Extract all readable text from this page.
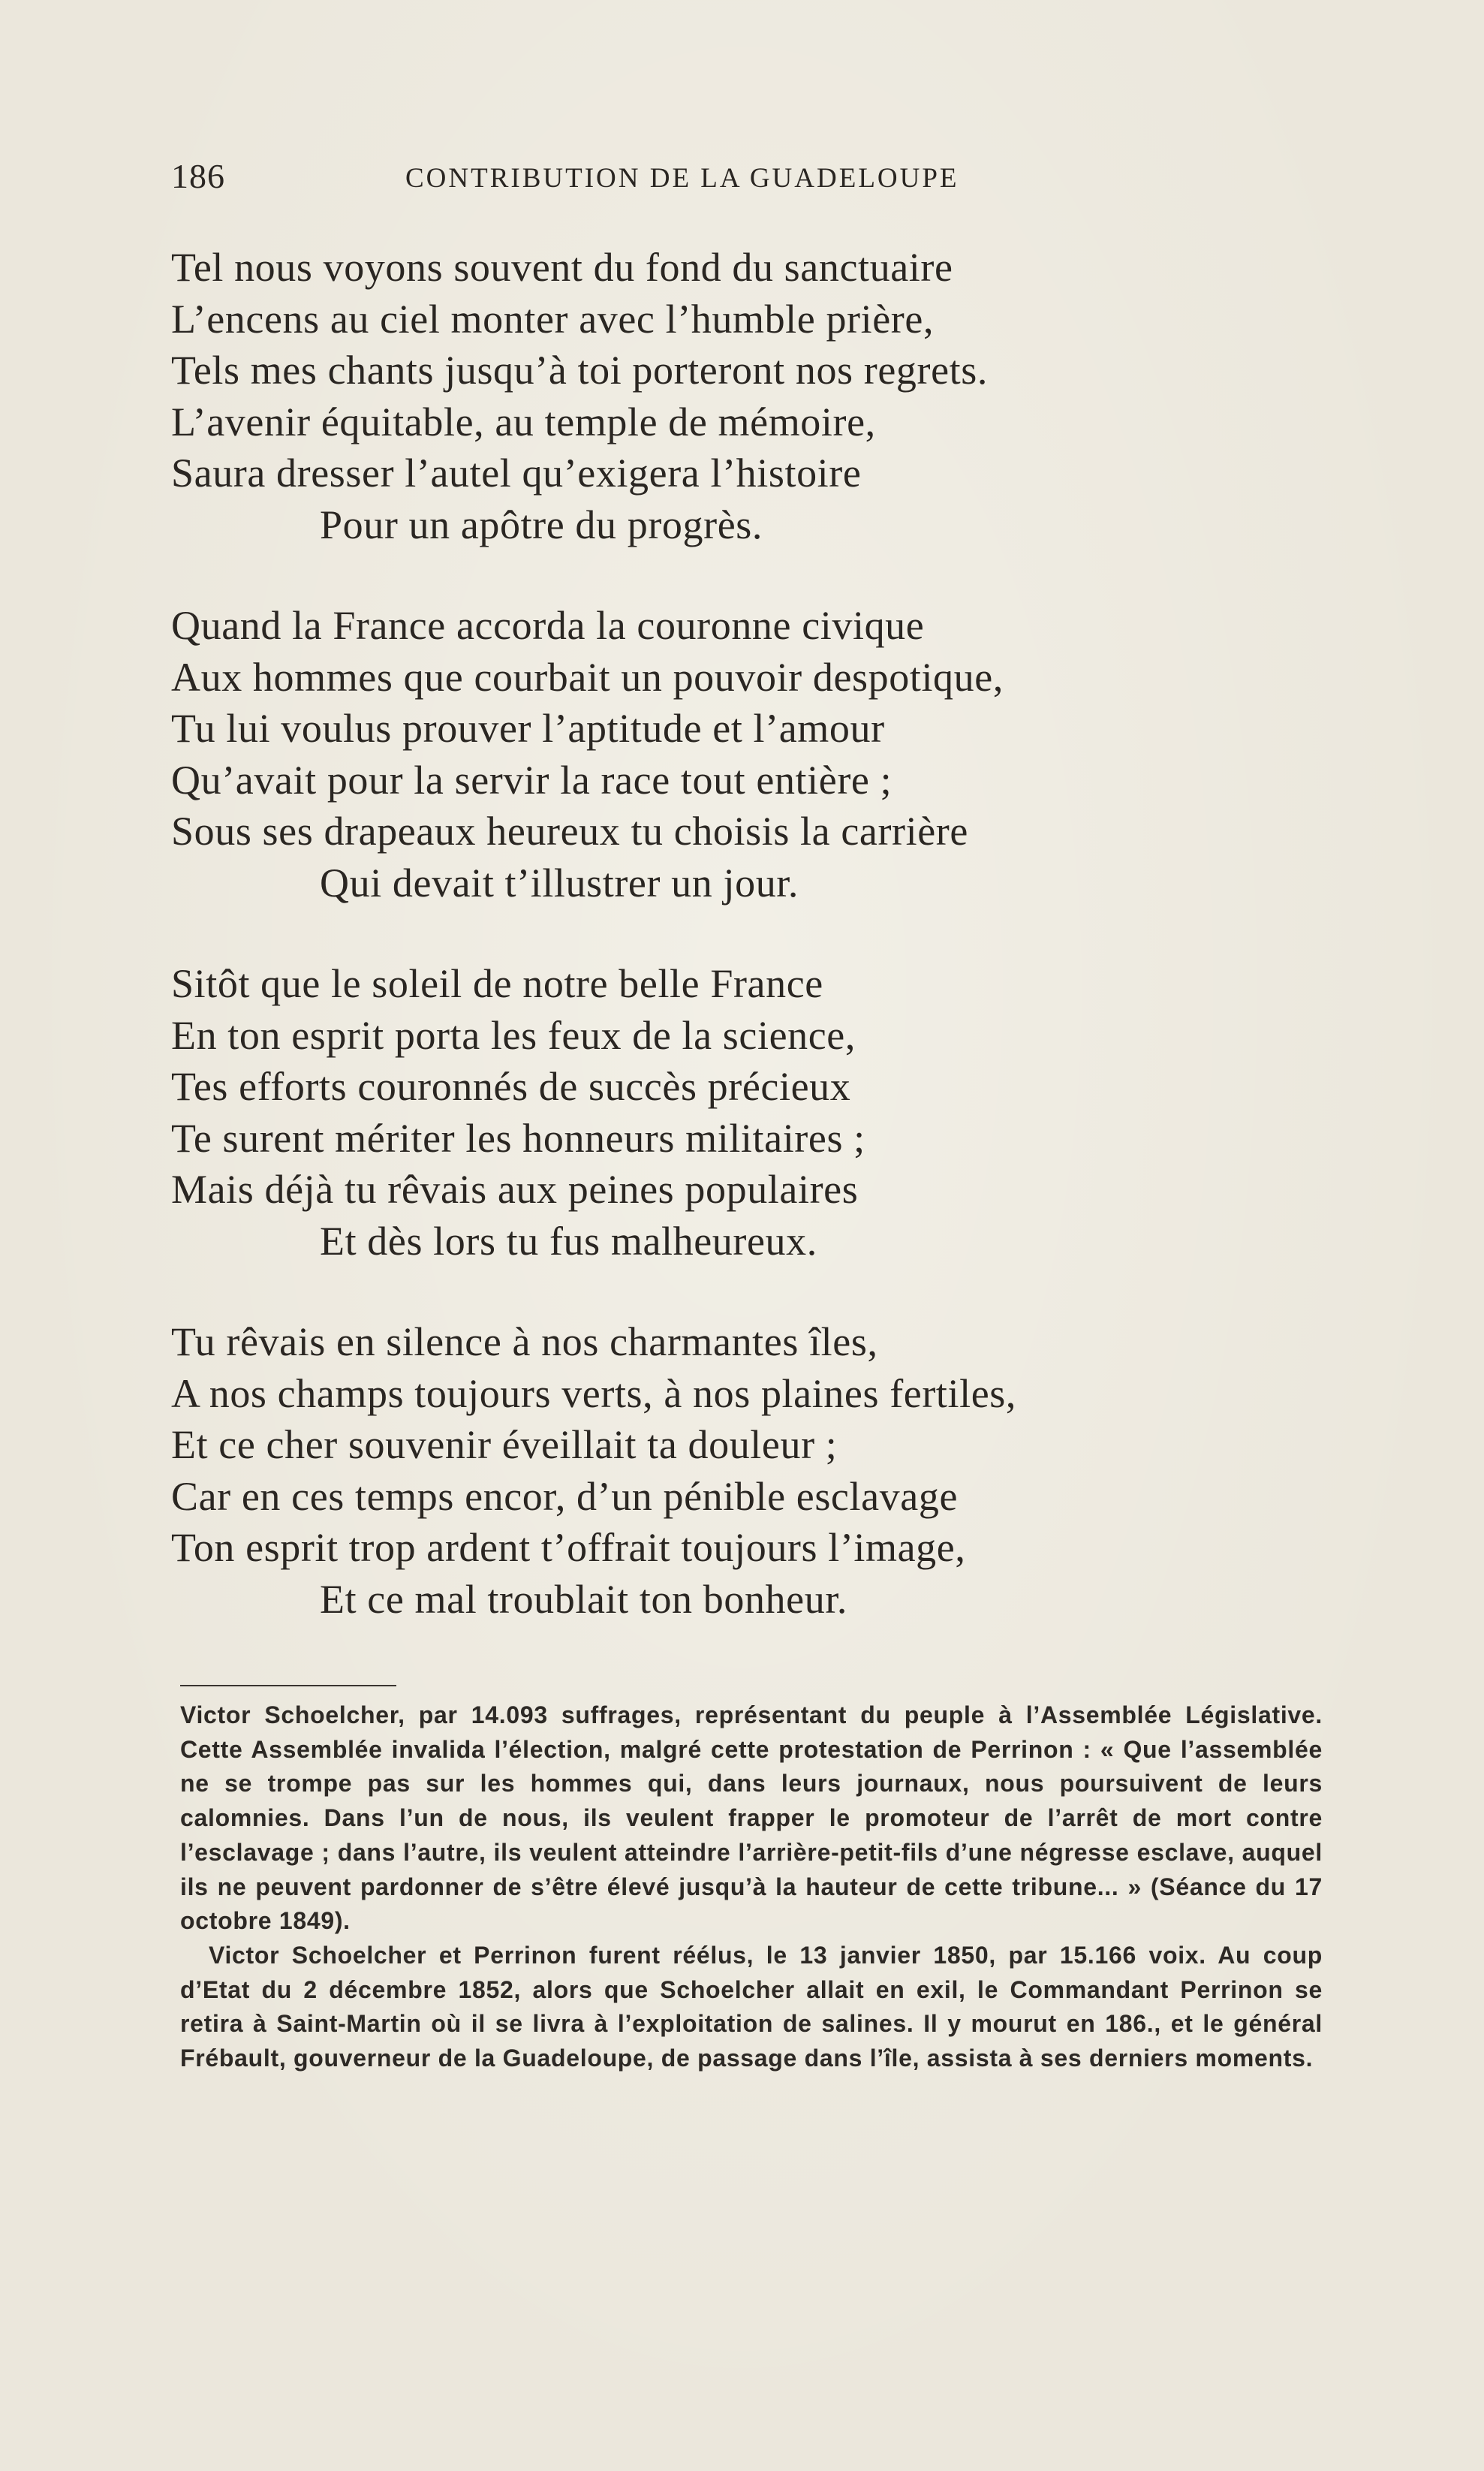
186	CONTRIBUTION DE LA GUADELOUPE
Tel nous voyons souvent du fond du sanctuaire
L’encens au ciel monter avec l’humble prière,
Tels mes chants jusqu’à toi porteront nos regrets.
L’avenir équitable, au temple de mémoire,
Saura dresser l’autel qu’exigera l’histoire
Pour un apôtre du progrès.
Quand la France accorda la couronne civique
Aux hommes que courbait un pouvoir despotique,
Tu lui voulus prouver l’aptitude et l’amour
Qu’avait pour la servir la race tout entière ;
Sous ses drapeaux heureux tu choisis la carrière
Qui devait t’illustrer un jour.
Sitôt que le soleil de notre belle France
En ton esprit porta les feux de la science,
Tes efforts couronnés de succès précieux
Te surent mériter les honneurs militaires ;
Mais déjà tu rêvais aux peines populaires
Et dès lors tu fus malheureux.
Tu rêvais en silence à nos charmantes îles,
A nos champs toujours verts, à nos plaines fertiles,
Et ce cher souvenir éveillait ta douleur ;
Car en ces temps encor, d’un pénible esclavage
Ton esprit trop ardent t’offrait toujours l’image,
Et ce mal troublait ton bonheur.

Victor Schoelcher, par 14.093 suffrages, représentant du peuple à l’Assemblée Législative. Cette Assemblée invalida l’élection, malgré cette protestation de Perrinon : « Que l’assemblée ne se trompe pas sur les hommes qui, dans leurs journaux, nous poursuivent de leurs calomnies. Dans l’un de nous, ils veulent frapper le promoteur de l’arrêt de mort contre l’esclavage ; dans l’autre, ils veulent atteindre l’arrière-petit-fils d’une négresse esclave, auquel ils ne peuvent pardonner de s’être élevé jusqu’à la hauteur de cette tribune... » (Séance du 17 octobre 1849).

Victor Schoelcher et Perrinon furent réélus, le 13 janvier 1850, par 15.166 voix. Au coup d’Etat du 2 décembre 1852, alors que Schoelcher allait en exil, le Commandant Perrinon se retira à Saint-Martin où il se livra à l’exploitation de salines. Il y mourut en 186., et le général Frébault, gouverneur de la Guadeloupe, de passage dans l’île, assista à ses derniers moments.
